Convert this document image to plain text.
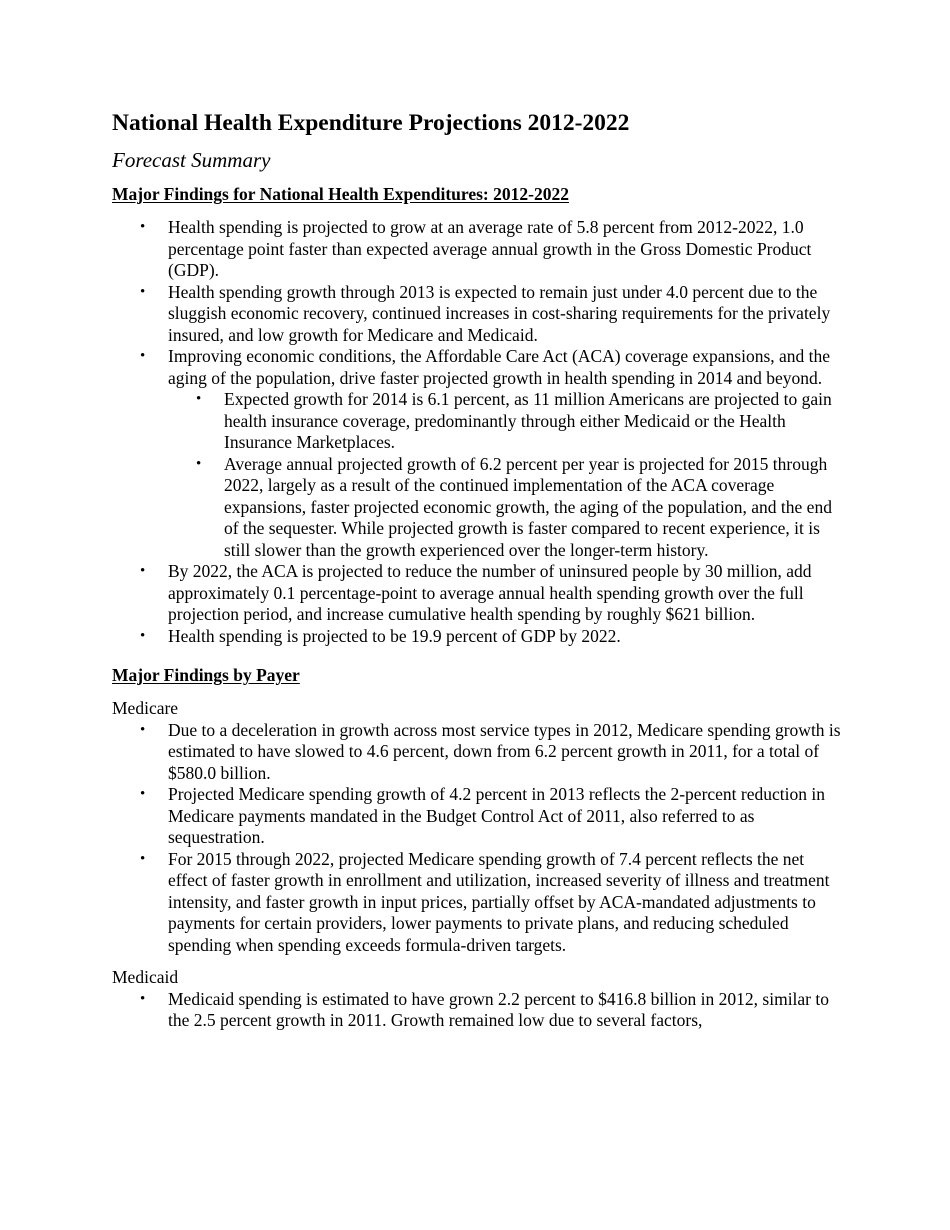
National Health Expenditure Projections 2012-2022
Forecast Summary
Major Findings for National Health Expenditures: 2012-2022
• Health spending is projected to grow at an average rate of 5.8 percent from 2012-2022, 1.0 percentage point faster than expected average annual growth in the Gross Domestic Product (GDP).
• Health spending growth through 2013 is expected to remain just under 4.0 percent due to the sluggish economic recovery, continued increases in cost-sharing requirements for the privately insured, and low growth for Medicare and Medicaid.
• Improving economic conditions, the Affordable Care Act (ACA) coverage expansions, and the aging of the population, drive faster projected growth in health spending in 2014 and beyond.
• Expected growth for 2014 is 6.1 percent, as 11 million Americans are projected to gain health insurance coverage, predominantly through either Medicaid or the Health Insurance Marketplaces.
• Average annual projected growth of 6.2 percent per year is projected for 2015 through 2022, largely as a result of the continued implementation of the ACA coverage expansions, faster projected economic growth, the aging of the population, and the end of the sequester. While projected growth is faster compared to recent experience, it is still slower than the growth experienced over the longer-term history.
• By 2022, the ACA is projected to reduce the number of uninsured people by 30 million, add approximately 0.1 percentage-point to average annual health spending growth over the full projection period, and increase cumulative health spending by roughly $621 billion.
• Health spending is projected to be 19.9 percent of GDP by 2022.
Major Findings by Payer
Medicare
• Due to a deceleration in growth across most service types in 2012, Medicare spending growth is estimated to have slowed to 4.6 percent, down from 6.2 percent growth in 2011, for a total of $580.0 billion.
• Projected Medicare spending growth of 4.2 percent in 2013 reflects the 2-percent reduction in Medicare payments mandated in the Budget Control Act of 2011, also referred to as sequestration.
• For 2015 through 2022, projected Medicare spending growth of 7.4 percent reflects the net effect of faster growth in enrollment and utilization, increased severity of illness and treatment intensity, and faster growth in input prices, partially offset by ACA-mandated adjustments to payments for certain providers, lower payments to private plans, and reducing scheduled spending when spending exceeds formula-driven targets.
Medicaid
• Medicaid spending is estimated to have grown 2.2 percent to $416.8 billion in 2012, similar to the 2.5 percent growth in 2011. Growth remained low due to several factors,
